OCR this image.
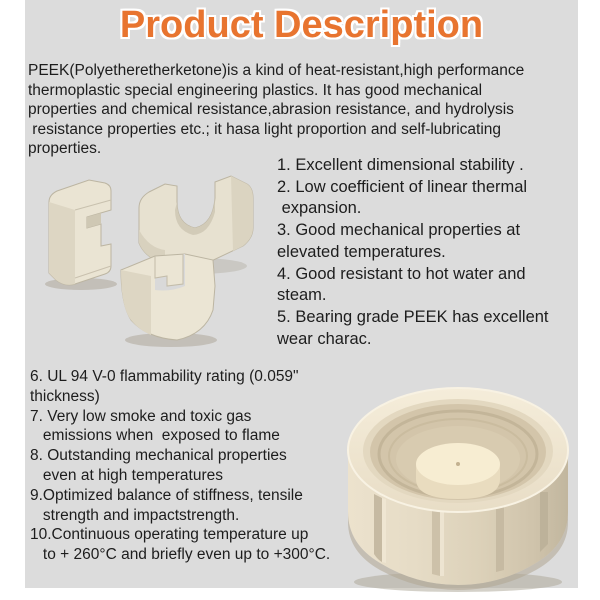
Product Description
PEEK(Polyetheretherketone)is a kind of heat-resistant,high performance
thermoplastic special engineering plastics. It has good mechanical
properties and chemical resistance,abrasion resistance, and hydrolysis
resistance properties etc.; it hasa light proportion and self-lubricating
properties.
1. Excellent dimensional stability .
2. Low coefficient of linear thermal
expansion.
3. Good mechanical properties at
elevated temperatures.
4. Good resistant to hot water and
steam.
5. Bearing grade PEEK has excellent
wear charac.
6. UL 94 V-0 flammability rating (0.059"
thickness)
7. Very low smoke and toxic gas
emissions when  exposed to flame
8. Outstanding mechanical properties
even at high temperatures
9.Optimized balance of stiffness, tensile
strength and impactstrength.
10.Continuous operating temperature up
to + 260°C and briefly even up to +300°C.
